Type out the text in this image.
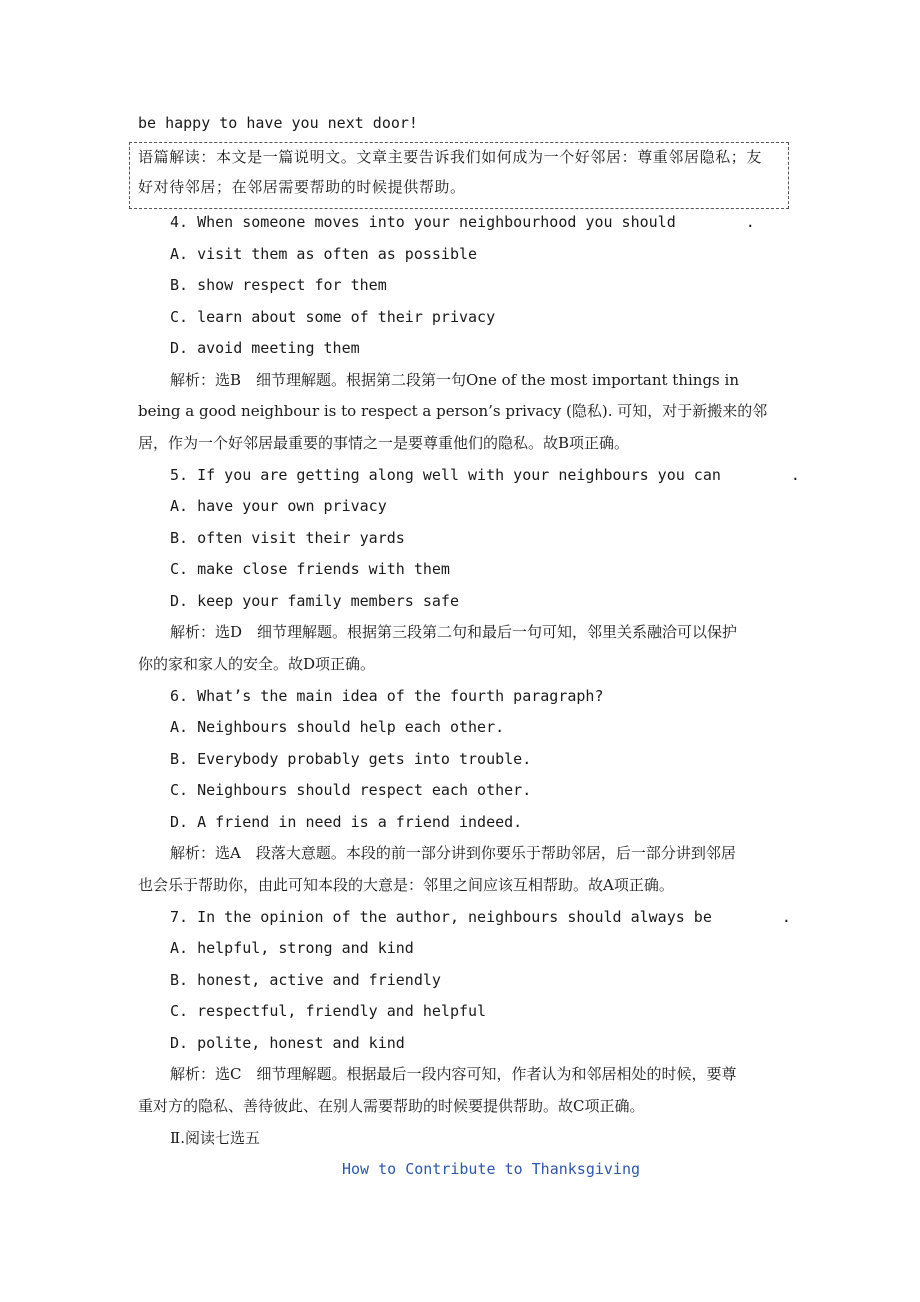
be happy to have you next door!
语篇解读：本文是一篇说明文。文章主要告诉我们如何成为一个好邻居：尊重邻居隐私；友
好对待邻居；在邻居需要帮助的时候提供帮助。
4. When someone moves into your neighbourhood you should	.
A. visit them as often as possible
B. show respect for them
C. learn about some of their privacy
D. avoid meeting them
解析：选B　细节理解题。根据第二段第一句One of the most important things in
being a good neighbour is to respect a person’s privacy (隐私). 可知，对于新搬来的邻
居，作为一个好邻居最重要的事情之一是要尊重他们的隐私。故B项正确。
5. If you are getting along well with your neighbours you can	.
A. have your own privacy
B. often visit their yards
C. make close friends with them
D. keep your family members safe
解析：选D　细节理解题。根据第三段第二句和最后一句可知，邻里关系融洽可以保护
你的家和家人的安全。故D项正确。
6. What’s the main idea of the fourth paragraph?
A. Neighbours should help each other.
B. Everybody probably gets into trouble.
C. Neighbours should respect each other.
D. A friend in need is a friend indeed.
解析：选A　段落大意题。本段的前一部分讲到你要乐于帮助邻居，后一部分讲到邻居
也会乐于帮助你，由此可知本段的大意是：邻里之间应该互相帮助。故A项正确。
7. In the opinion of the author, neighbours should always be	.
A. helpful, strong and kind
B. honest, active and friendly
C. respectful, friendly and helpful
D. polite, honest and kind
解析：选C　细节理解题。根据最后一段内容可知，作者认为和邻居相处的时候，要尊
重对方的隐私、善待彼此、在别人需要帮助的时候要提供帮助。故C项正确。
Ⅱ.阅读七选五
How to Contribute to Thanksgiving
